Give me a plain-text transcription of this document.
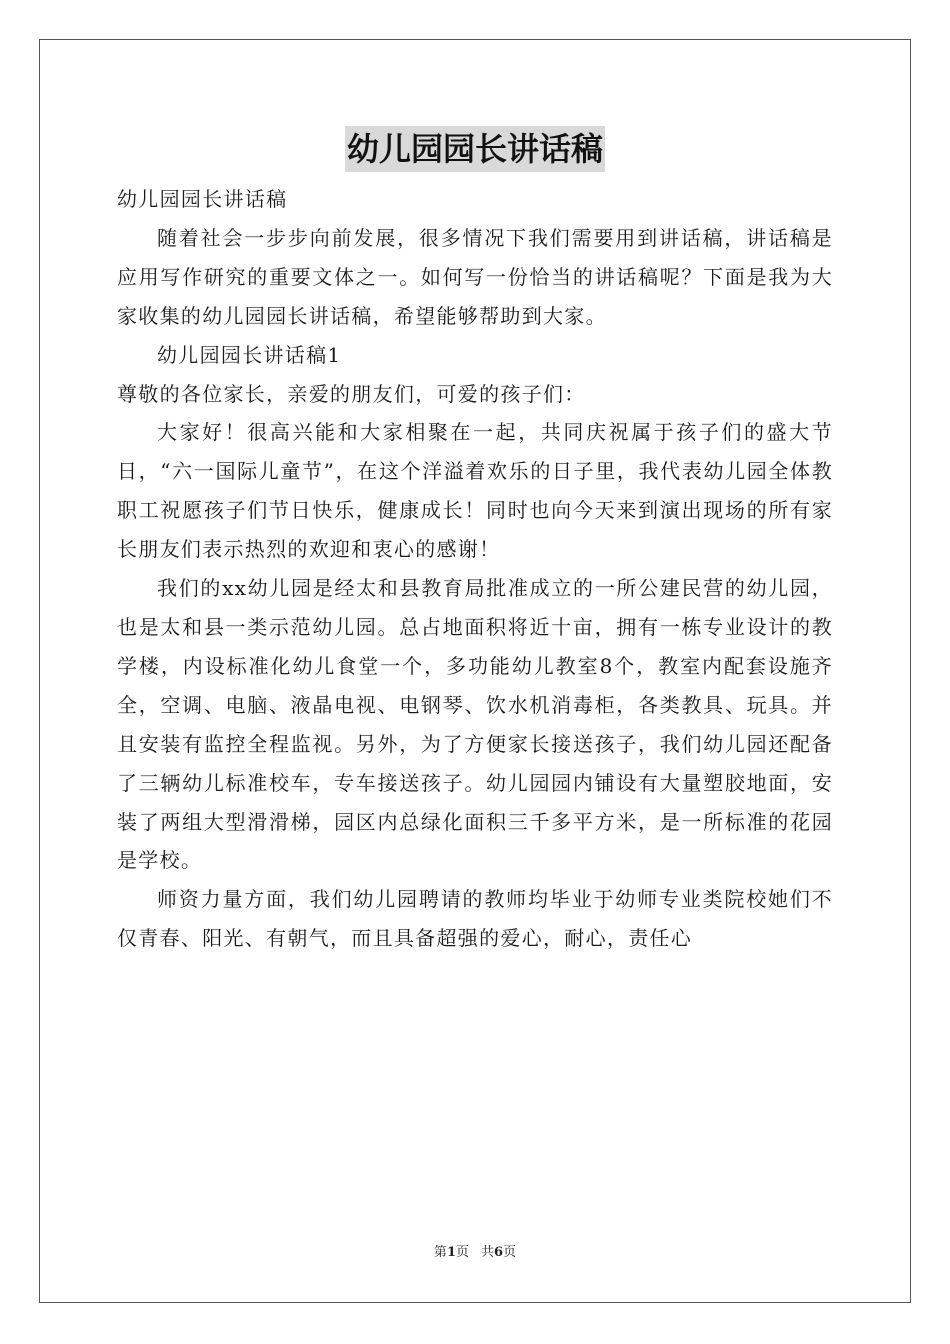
幼儿园园长讲话稿

幼儿园园长讲话稿

随着社会一步步向前发展，很多情况下我们需要用到讲话稿，讲话稿是应用写作研究的重要文体之一。如何写一份恰当的讲话稿呢？下面是我为大家收集的幼儿园园长讲话稿，希望能够帮助到大家。

幼儿园园长讲话稿1

尊敬的各位家长，亲爱的朋友们，可爱的孩子们：

大家好！很高兴能和大家相聚在一起，共同庆祝属于孩子们的盛大节日，“六一国际儿童节”，在这个洋溢着欢乐的日子里，我代表幼儿园全体教职工祝愿孩子们节日快乐，健康成长！同时也向今天来到演出现场的所有家长朋友们表示热烈的欢迎和衷心的感谢！

我们的xx幼儿园是经太和县教育局批准成立的一所公建民营的幼儿园，也是太和县一类示范幼儿园。总占地面积将近十亩，拥有一栋专业设计的教学楼，内设标准化幼儿食堂一个，多功能幼儿教室8个，教室内配套设施齐全，空调、电脑、液晶电视、电钢琴、饮水机消毒柜，各类教具、玩具。并且安装有监控全程监视。另外，为了方便家长接送孩子，我们幼儿园还配备了三辆幼儿标准校车，专车接送孩子。幼儿园园内铺设有大量塑胶地面，安装了两组大型滑滑梯，园区内总绿化面积三千多平方米，是一所标准的花园是学校。

师资力量方面，我们幼儿园聘请的教师均毕业于幼师专业类院校她们不仅青春、阳光、有朝气，而且具备超强的爱心，耐心，责任心

第1页 共6页
